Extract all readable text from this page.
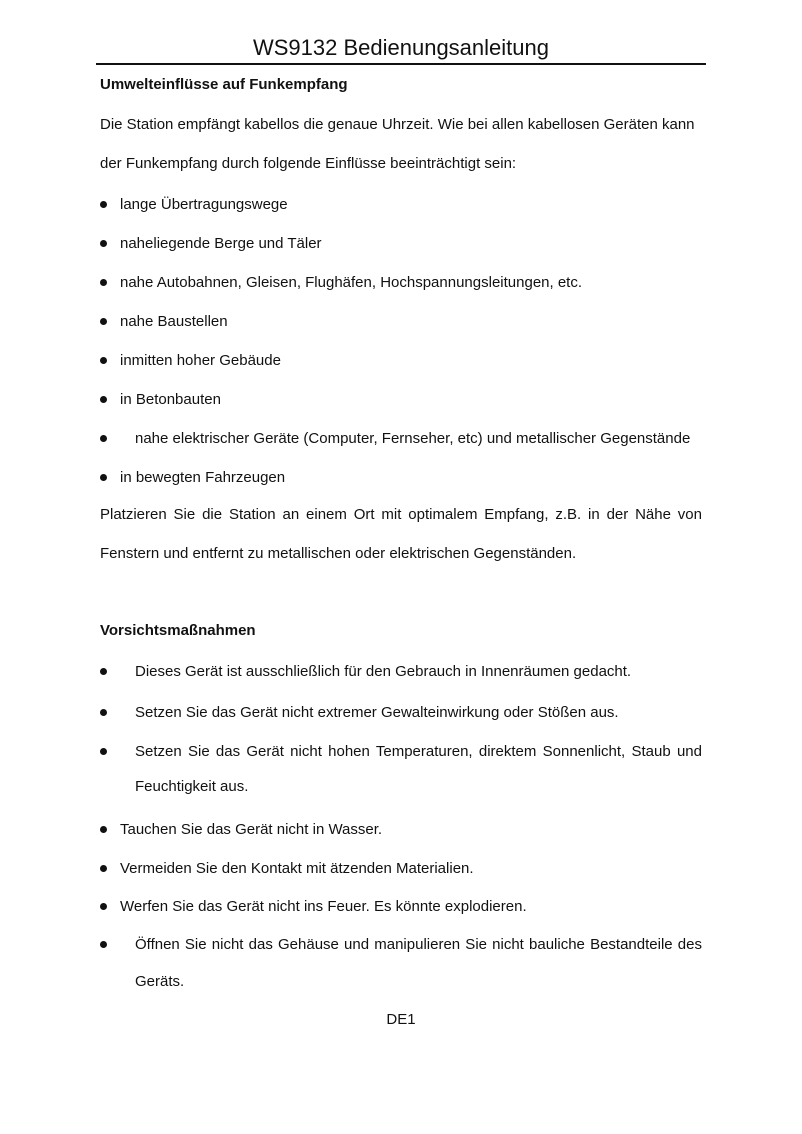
WS9132 Bedienungsanleitung
Umwelteinflüsse auf Funkempfang
Die Station empfängt kabellos die genaue Uhrzeit. Wie bei allen kabellosen Geräten kann
der Funkempfang durch folgende Einflüsse beeinträchtigt sein:
lange Übertragungswege
naheliegende Berge und Täler
nahe Autobahnen, Gleisen, Flughäfen, Hochspannungsleitungen, etc.
nahe Baustellen
inmitten hoher Gebäude
in Betonbauten
nahe elektrischer Geräte (Computer, Fernseher, etc) und metallischer Gegenstände
in bewegten Fahrzeugen
Platzieren Sie die Station an einem Ort mit optimalem Empfang, z.B. in der Nähe von
Fenstern und entfernt zu metallischen oder elektrischen Gegenständen.
Vorsichtsmaßnahmen
Dieses Gerät ist ausschließlich für den Gebrauch in Innenräumen gedacht.
Setzen Sie das Gerät nicht extremer Gewalteinwirkung oder Stößen aus.
Setzen Sie das Gerät nicht hohen Temperaturen, direktem Sonnenlicht, Staub und
Feuchtigkeit aus.
Tauchen Sie das Gerät nicht in Wasser.
Vermeiden Sie den Kontakt mit ätzenden Materialien.
Werfen Sie das Gerät nicht ins Feuer. Es könnte explodieren.
Öffnen Sie nicht das Gehäuse und manipulieren Sie nicht bauliche Bestandteile des
Geräts.
DE1
